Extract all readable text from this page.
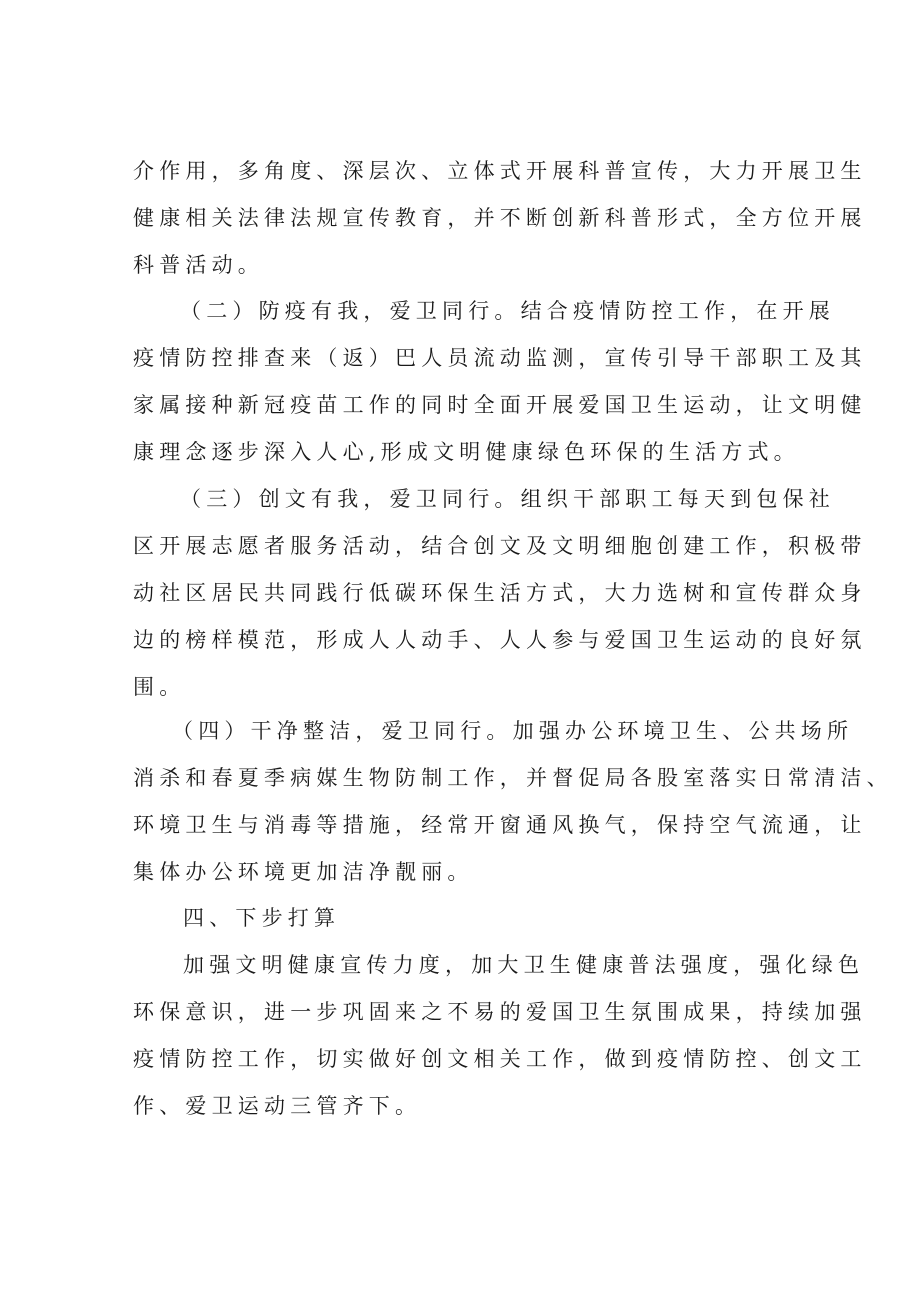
介作用，多角度、深层次、立体式开展科普宣传，大力开展卫生
健康相关法律法规宣传教育，并不断创新科普形式，全方位开展
科普活动。
（二）防疫有我，爱卫同行。结合疫情防控工作，在开展
疫情防控排查来（返）巴人员流动监测，宣传引导干部职工及其
家属接种新冠疫苗工作的同时全面开展爱国卫生运动，让文明健
康理念逐步深入人心,形成文明健康绿色环保的生活方式。
（三）创文有我，爱卫同行。组织干部职工每天到包保社
区开展志愿者服务活动，结合创文及文明细胞创建工作，积极带
动社区居民共同践行低碳环保生活方式，大力选树和宣传群众身
边的榜样模范，形成人人动手、人人参与爱国卫生运动的良好氛
围。
（四）干净整洁，爱卫同行。加强办公环境卫生、公共场所
消杀和春夏季病媒生物防制工作，并督促局各股室落实日常清洁、
环境卫生与消毒等措施，经常开窗通风换气，保持空气流通，让
集体办公环境更加洁净靓丽。
四、下步打算
加强文明健康宣传力度，加大卫生健康普法强度，强化绿色
环保意识，进一步巩固来之不易的爱国卫生氛围成果，持续加强
疫情防控工作，切实做好创文相关工作，做到疫情防控、创文工
作、爱卫运动三管齐下。
